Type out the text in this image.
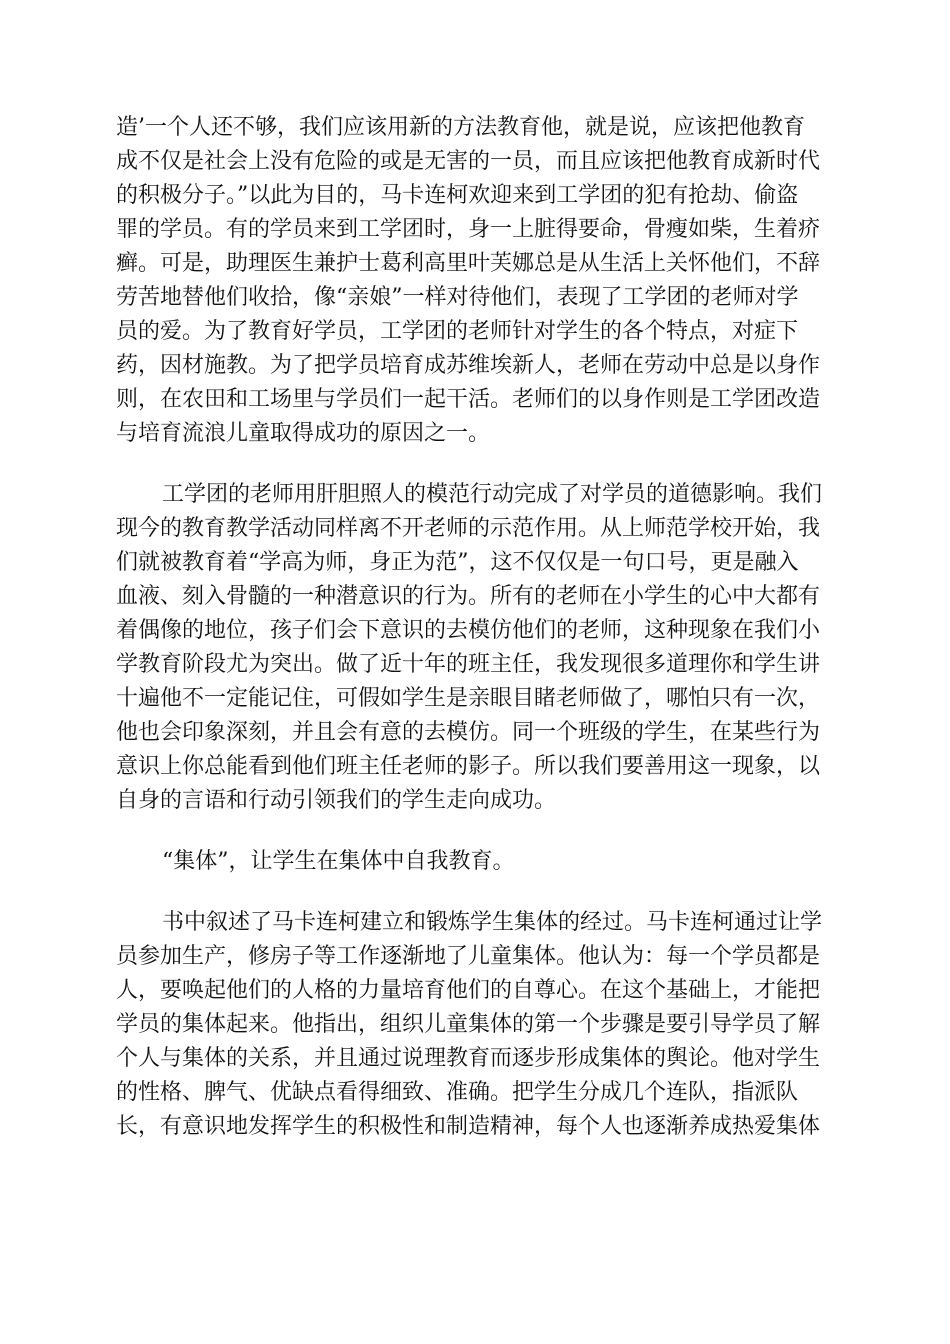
造’一个人还不够，我们应该用新的方法教育他，就是说，应该把他教育

成不仅是社会上没有危险的或是无害的一员，而且应该把他教育成新时代

的积极分子。”以此为目的，马卡连柯欢迎来到工学团的犯有抢劫、偷盗

罪的学员。有的学员来到工学团时，身一上脏得要命，骨瘦如柴，生着疥

癣。可是，助理医生兼护士葛利高里叶芙娜总是从生活上关怀他们，不辞

劳苦地替他们收拾，像“亲娘”一样对待他们，表现了工学团的老师对学

员的爱。为了教育好学员，工学团的老师针对学生的各个特点，对症下

药，因材施教。为了把学员培育成苏维埃新人，老师在劳动中总是以身作

则，在农田和工场里与学员们一起干活。老师们的以身作则是工学团改造

与培育流浪儿童取得成功的原因之一。

工学团的老师用肝胆照人的模范行动完成了对学员的道德影响。我们

现今的教育教学活动同样离不开老师的示范作用。从上师范学校开始，我

们就被教育着“学高为师，身正为范”，这不仅仅是一句口号，更是融入

血液、刻入骨髓的一种潜意识的行为。所有的老师在小学生的心中大都有

着偶像的地位，孩子们会下意识的去模仿他们的老师，这种现象在我们小

学教育阶段尤为突出。做了近十年的班主任，我发现很多道理你和学生讲

十遍他不一定能记住，可假如学生是亲眼目睹老师做了，哪怕只有一次，

他也会印象深刻，并且会有意的去模仿。同一个班级的学生，在某些行为

意识上你总能看到他们班主任老师的影子。所以我们要善用这一现象，以

自身的言语和行动引领我们的学生走向成功。

“集体”，让学生在集体中自我教育。

书中叙述了马卡连柯建立和锻炼学生集体的经过。马卡连柯通过让学

员参加生产，修房子等工作逐渐地了儿童集体。他认为：每一个学员都是

人，要唤起他们的人格的力量培育他们的自尊心。在这个基础上，才能把

学员的集体起来。他指出，组织儿童集体的第一个步骤是要引导学员了解

个人与集体的关系，并且通过说理教育而逐步形成集体的舆论。他对学生

的性格、脾气、优缺点看得细致、准确。把学生分成几个连队，指派队

长，有意识地发挥学生的积极性和制造精神，每个人也逐渐养成热爱集体
